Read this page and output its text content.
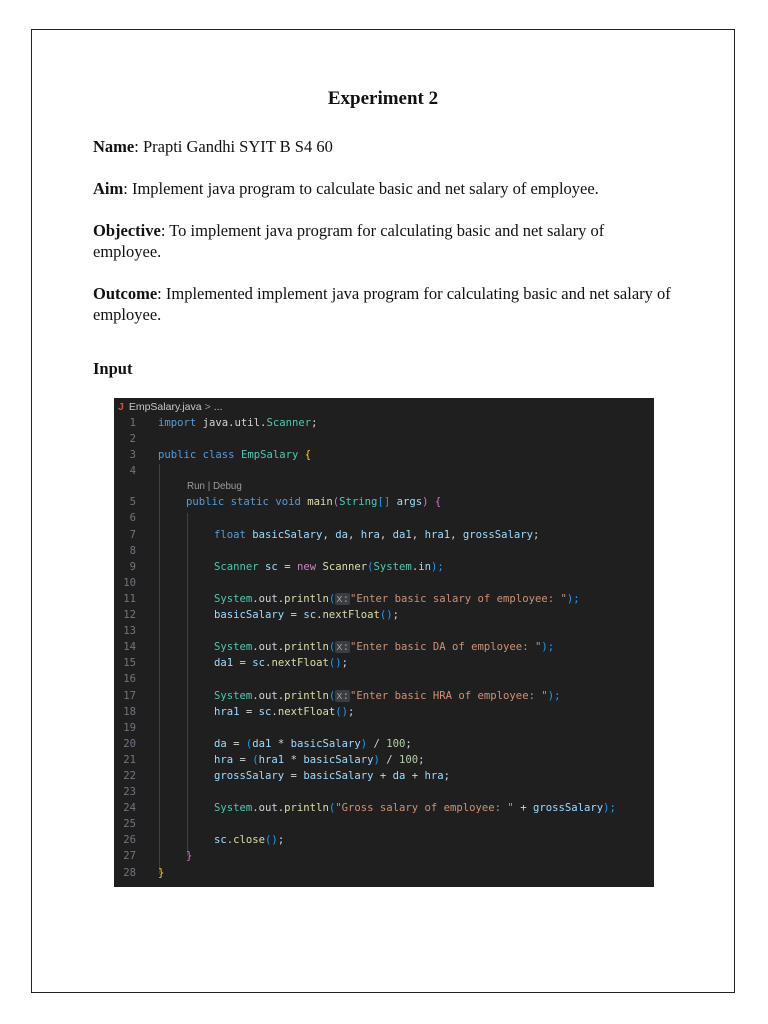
Experiment 2
Name: Prapti Gandhi SYIT B S4 60
Aim: Implement java program to calculate basic and net salary of employee.
Objective: To implement java program for calculating basic and net salary of employee.
Outcome: Implemented implement java program for calculating basic and net salary of employee.
Input
J EmpSalary.java > ...
1 import java.util.Scanner;
2
3 public class EmpSalary {
4
Run | Debug
5	public static void main(String[] args) {
6
7	float basicSalary, da, hra, da1, hra1, grossSalary;
8
9	Scanner sc = new Scanner(System.in);
10
11	System.out.println(x:"Enter basic salary of employee: ");
12	basicSalary = sc.nextFloat();
13
14	System.out.println(x:"Enter basic DA of employee: ");
15	da1 = sc.nextFloat();
16
17	System.out.println(x:"Enter basic HRA of employee: ");
18	hra1 = sc.nextFloat();
19
20	da = (da1 * basicSalary) / 100;
21	hra = (hra1 * basicSalary) / 100;
22	grossSalary = basicSalary + da + hra;
23
24	System.out.println("Gross salary of employee: " + grossSalary);
25
26	sc.close();
27	}
28 }
